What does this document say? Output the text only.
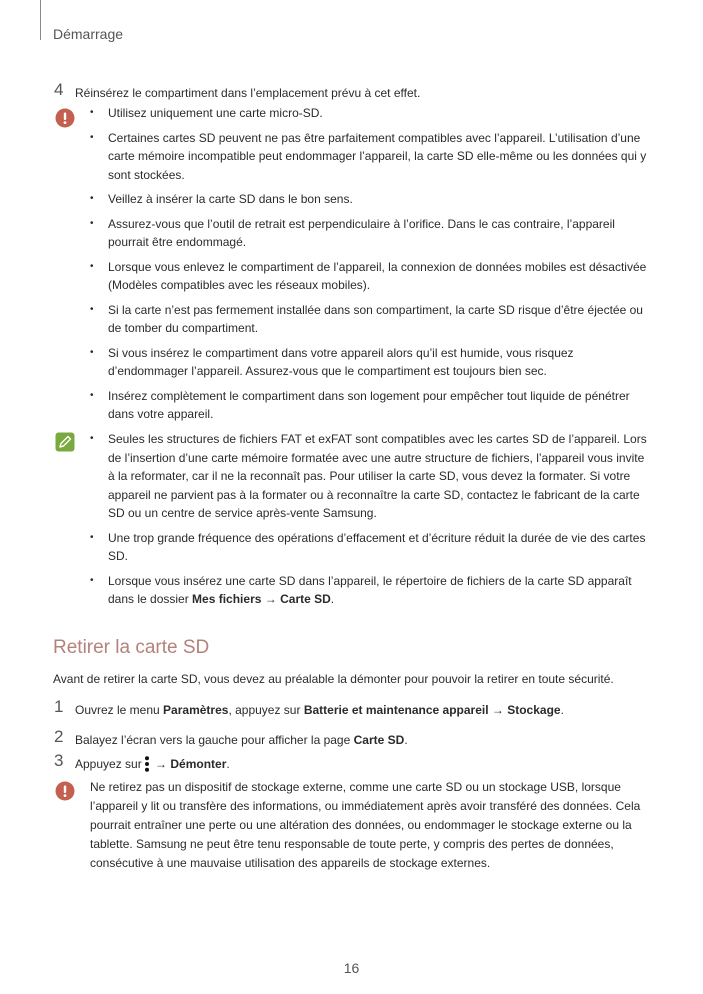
Démarrage
4 Réinsérez le compartiment dans l’emplacement prévu à cet effet.
• Utilisez uniquement une carte micro-SD.
• Certaines cartes SD peuvent ne pas être parfaitement compatibles avec l’appareil. L’utilisation d’une carte mémoire incompatible peut endommager l’appareil, la carte SD elle-même ou les données qui y sont stockées.
• Veillez à insérer la carte SD dans le bon sens.
• Assurez-vous que l’outil de retrait est perpendiculaire à l’orifice. Dans le cas contraire, l’appareil pourrait être endommagé.
• Lorsque vous enlevez le compartiment de l’appareil, la connexion de données mobiles est désactivée (Modèles compatibles avec les réseaux mobiles).
• Si la carte n’est pas fermement installée dans son compartiment, la carte SD risque d’être éjectée ou de tomber du compartiment.
• Si vous insérez le compartiment dans votre appareil alors qu’il est humide, vous risquez d’endommager l’appareil. Assurez-vous que le compartiment est toujours bien sec.
• Insérez complètement le compartiment dans son logement pour empêcher tout liquide de pénétrer dans votre appareil.
• Seules les structures de fichiers FAT et exFAT sont compatibles avec les cartes SD de l’appareil. Lors de l’insertion d’une carte mémoire formatée avec une autre structure de fichiers, l’appareil vous invite à la reformater, car il ne la reconnaît pas. Pour utiliser la carte SD, vous devez la formater. Si votre appareil ne parvient pas à la formater ou à reconnaître la carte SD, contactez le fabricant de la carte SD ou un centre de service après-vente Samsung.
• Une trop grande fréquence des opérations d’effacement et d’écriture réduit la durée de vie des cartes SD.
• Lorsque vous insérez une carte SD dans l’appareil, le répertoire de fichiers de la carte SD apparaît dans le dossier Mes fichiers → Carte SD.
Retirer la carte SD
Avant de retirer la carte SD, vous devez au préalable la démonter pour pouvoir la retirer en toute sécurité.
1 Ouvrez le menu Paramètres, appuyez sur Batterie et maintenance appareil → Stockage.
2 Balayez l’écran vers la gauche pour afficher la page Carte SD.
3 Appuyez sur → Démonter.
Ne retirez pas un dispositif de stockage externe, comme une carte SD ou un stockage USB, lorsque l’appareil y lit ou transfère des informations, ou immédiatement après avoir transféré des données. Cela pourrait entraîner une perte ou une altération des données, ou endommager le stockage externe ou la tablette. Samsung ne peut être tenu responsable de toute perte, y compris des pertes de données, consécutive à une mauvaise utilisation des appareils de stockage externes.
16
